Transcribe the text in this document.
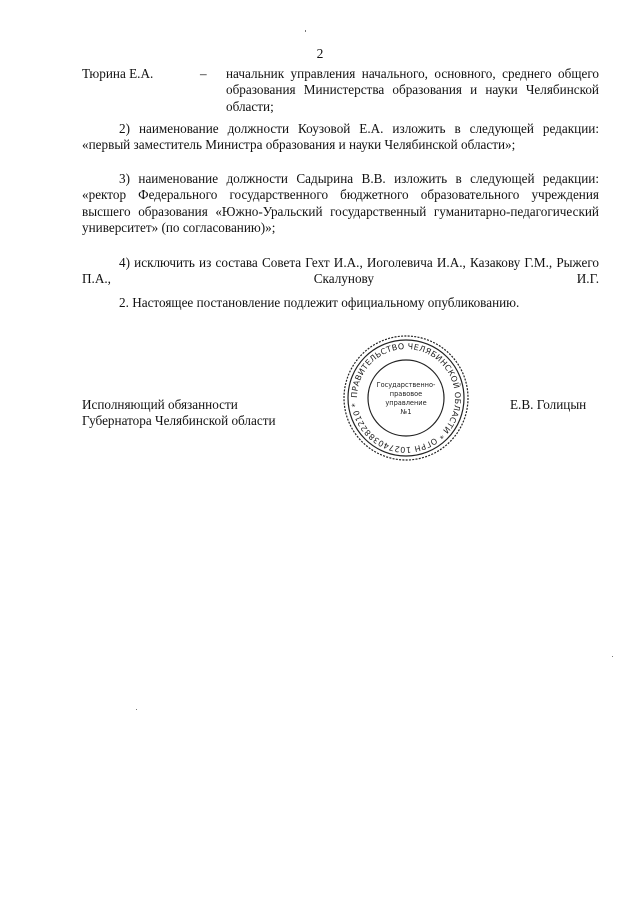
2
Тюрина Е.А.	– начальник управления начального, основного, среднего общего образования Министерства образования и науки Челябинской области;
2) наименование должности Коузовой Е.А. изложить в следующей редакции: «первый заместитель Министра образования и науки Челябинской области»;
3) наименование должности Садырина В.В. изложить в следующей редакции: «ректор Федерального государственного бюджетного образовательного учреждения высшего образования «Южно-Уральский государственный гуманитарно-педагогический университет» (по согласованию)»;
4) исключить из состава Совета Гехт И.А., Иоголевича И.А., Казакову Г.М., Рыжего П.А., Скалунову И.Г.
2. Настоящее постановление подлежит официальному опубликованию.
Исполняющий обязанности
Губернатора Челябинской области
Е.В. Голицын
ПРАВИТЕЛЬСТВО ЧЕЛЯБИНСКОЙ ОБЛАСТИ * ОГРН 1027403882210 *
Государственно-
правовое
управление
№1
